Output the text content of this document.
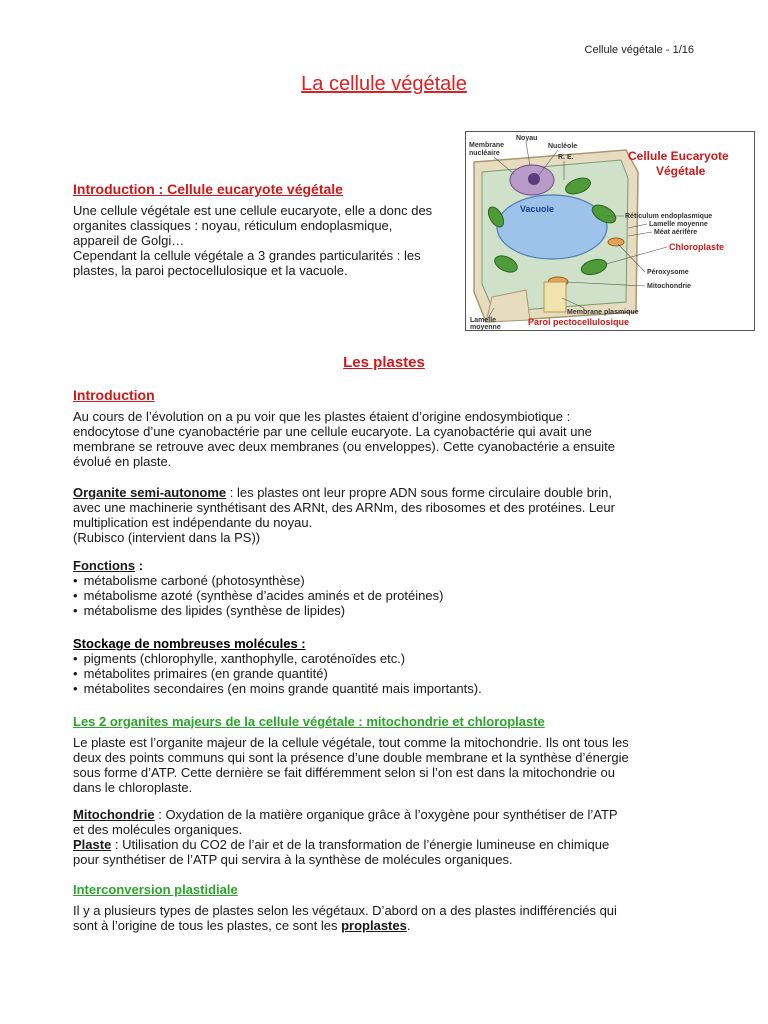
Cellule végétale - 1/16
La cellule végétale
Introduction : Cellule eucaryote végétale

Une cellule végétale est une cellule eucaryote, elle a donc des

organites classiques : noyau, réticulum endoplasmique,

appareil de Golgi…

Cependant la cellule végétale a 3 grandes particularités : les

plastes, la paroi pectocellulosique et la vacuole.

Noyau
Membrane
nucléaire
Nucléole
R. E.	Cellule Eucaryote
Végétale
Vacuole
Réticulum endoplasmique
Lamelle moyenne
Méat aérifère
Chloroplaste
Péroxysome
Mitochondrie
Membrane plasmique
Lamelle
moyenne
Paroi pectocellulosique
Les plastes
Introduction

Au cours de l’évolution on a pu voir que les plastes étaient d’origine endosymbiotique :

endocytose d’une cyanobactérie par une cellule eucaryote. La cyanobactérie qui avait une

membrane se retrouve avec deux membranes (ou enveloppes). Cette cyanobactérie a ensuite

évolué en plaste.

Organite semi-autonome : les plastes ont leur propre ADN sous forme circulaire double brin,

avec une machinerie synthétisant des ARNt, des ARNm, des ribosomes et des protéines. Leur

multiplication est indépendante du noyau.

(Rubisco (intervient dans la PS))

Fonctions :

• métabolisme carboné (photosynthèse)
• métabolisme azoté (synthèse d’acides aminés et de protéines)
• métabolisme des lipides (synthèse de lipides)

Stockage de nombreuses molécules :

• pigments (chlorophylle, xanthophylle, caroténoïdes etc.)
• métabolites primaires (en grande quantité)
• métabolites secondaires (en moins grande quantité mais importants).
Les 2 organites majeurs de la cellule végétale : mitochondrie et chloroplaste

Le plaste est l’organite majeur de la cellule végétale, tout comme la mitochondrie. Ils ont tous les

deux des points communs qui sont la présence d’une double membrane et la synthèse d’énergie

sous forme d’ATP. Cette dernière se fait différemment selon si l’on est dans la mitochondrie ou

dans le chloroplaste.

Mitochondrie : Oxydation de la matière organique grâce à l’oxygène pour synthétiser de l’ATP

et des molécules organiques.

Plaste : Utilisation du CO2 de l’air et de la transformation de l’énergie lumineuse en chimique

pour synthétiser de l’ATP qui servira à la synthèse de molécules organiques.

Interconversion plastidiale

Il y a plusieurs types de plastes selon les végétaux. D’abord on a des plastes indifférenciés qui

sont à l’origine de tous les plastes, ce sont les proplastes.
